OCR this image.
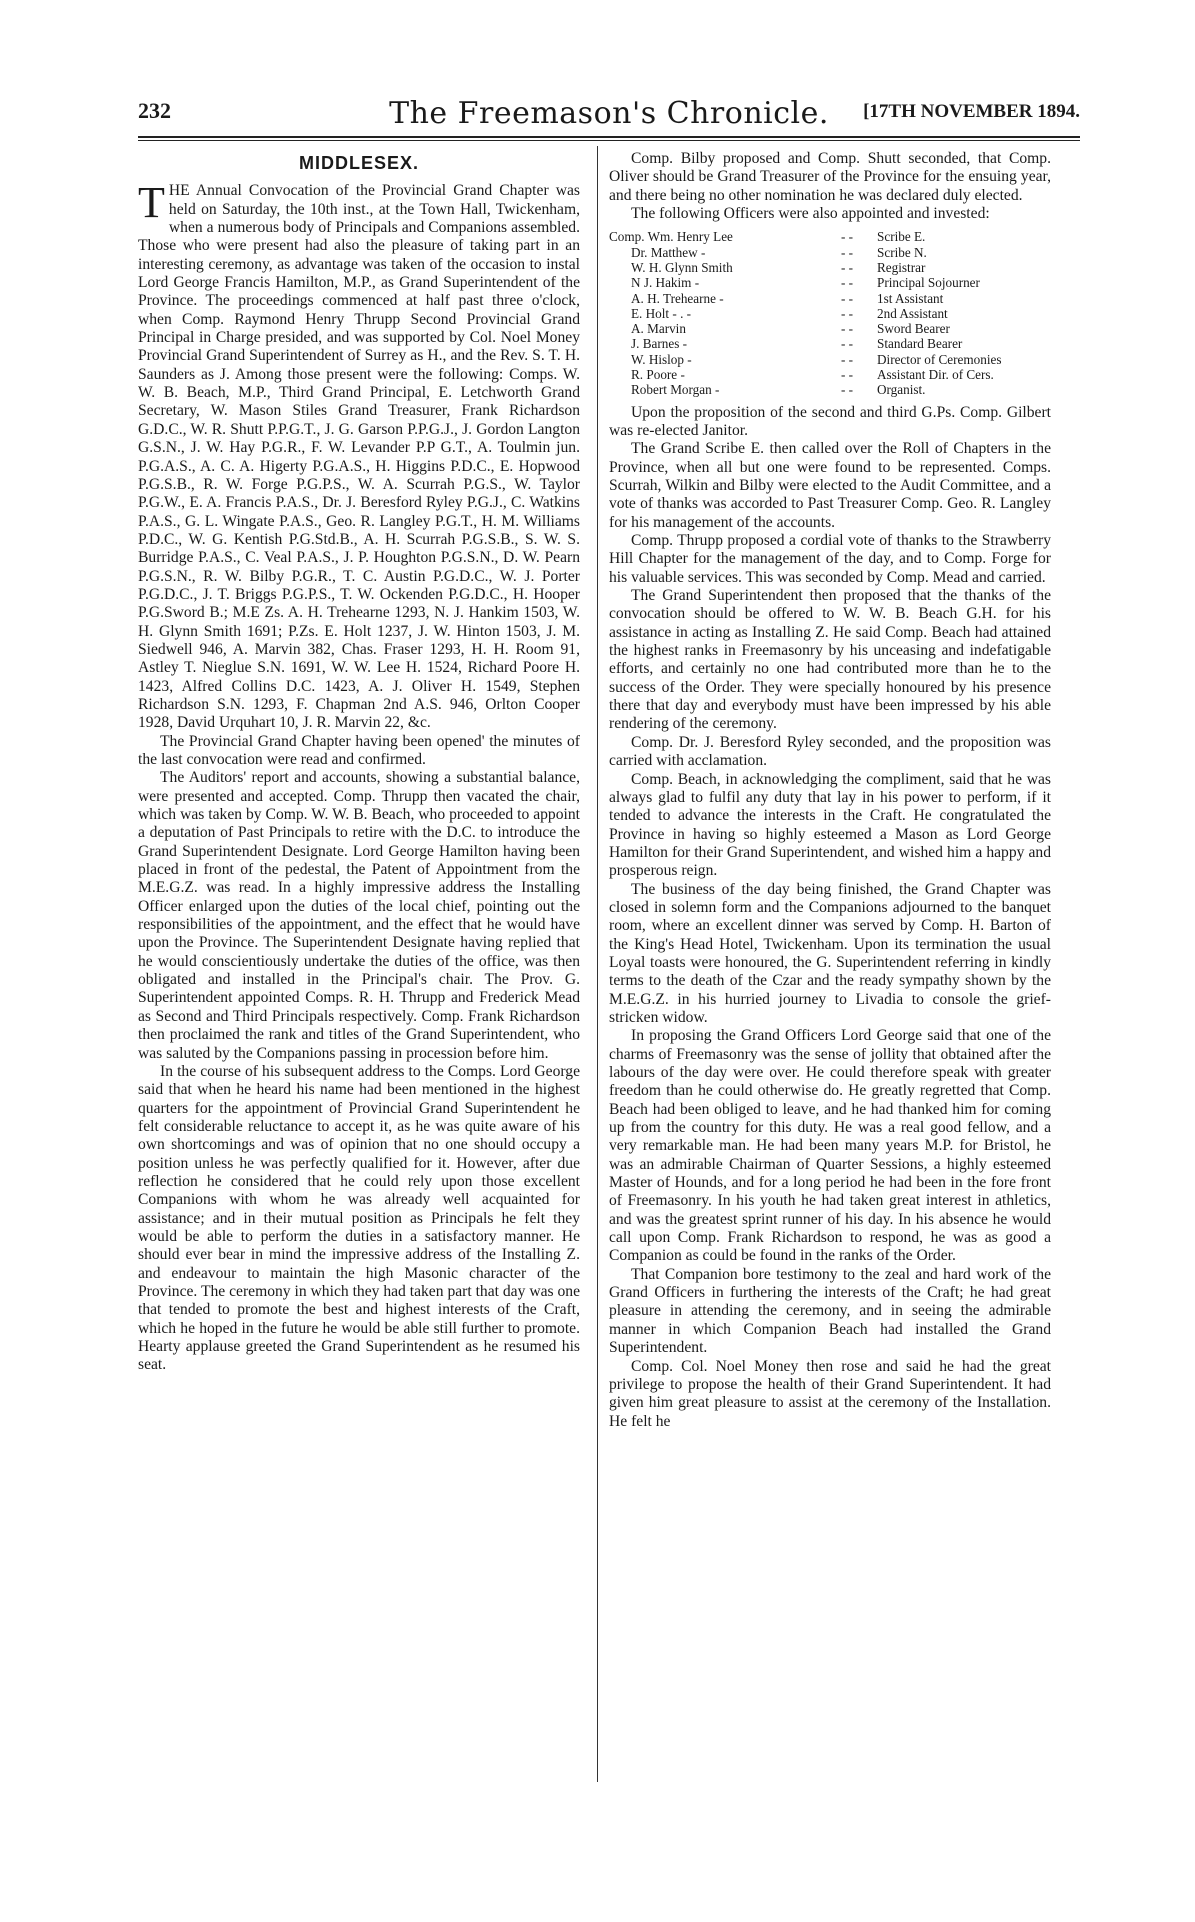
232	The Freemason's Chronicle.	[17TH NOVEMBER 1894.
MIDDLESEX.

THE Annual Convocation of the Provincial Grand Chapter was held on Saturday, the 10th inst., at the Town Hall, Twickenham, when a numerous body of Principals and Companions assembled. Those who were present had also the pleasure of taking part in an interesting ceremony, as advantage was taken of the occasion to instal Lord George Francis Hamilton, M.P., as Grand Superintendent of the Province. The proceedings commenced at half past three o'clock, when Comp. Raymond Henry Thrupp Second Provincial Grand Principal in Charge presided, and was supported by Col. Noel Money Provincial Grand Superintendent of Surrey as H., and the Rev. S. T. H. Saunders as J. Among those present were the following: Comps. W. W. B. Beach, M.P., Third Grand Principal, E. Letchworth Grand Secretary, W. Mason Stiles Grand Treasurer, Frank Richardson G.D.C., W. R. Shutt P.P.G.T., J. G. Garson P.P.G.J., J. Gordon Langton G.S.N., J. W. Hay P.G.R., F. W. Levander P.P G.T., A. Toulmin jun. P.G.A.S., A. C. A. Higerty P.G.A.S., H. Higgins P.D.C., E. Hopwood P.G.S.B., R. W. Forge P.G.P.S., W. A. Scurrah P.G.S., W. Taylor P.G.W., E. A. Francis P.A.S., Dr. J. Beresford Ryley P.G.J., C. Watkins P.A.S., G. L. Wingate P.A.S., Geo. R. Langley P.G.T., H. M. Williams P.D.C., W. G. Kentish P.G.Std.B., A. H. Scurrah P.G.S.B., S. W. S. Burridge P.A.S., C. Veal P.A.S., J. P. Houghton P.G.S.N., D. W. Pearn P.G.S.N., R. W. Bilby P.G.R., T. C. Austin P.G.D.C., W. J. Porter P.G.D.C., J. T. Briggs P.G.P.S., T. W. Ockenden P.G.D.C., H. Hooper P.G.Sword B.; M.E Zs. A. H. Trehearne 1293, N. J. Hankim 1503, W. H. Glynn Smith 1691; P.Zs. E. Holt 1237, J. W. Hinton 1503, J. M. Siedwell 946, A. Marvin 382, Chas. Fraser 1293, H. H. Room 91, Astley T. Nieglue S.N. 1691, W. W. Lee H. 1524, Richard Poore H. 1423, Alfred Collins D.C. 1423, A. J. Oliver H. 1549, Stephen Richardson S.N. 1293, F. Chapman 2nd A.S. 946, Orlton Cooper 1928, David Urquhart 10, J. R. Marvin 22, &c.

The Provincial Grand Chapter having been opened' the minutes of the last convocation were read and confirmed.

The Auditors' report and accounts, showing a substantial balance, were presented and accepted. Comp. Thrupp then vacated the chair, which was taken by Comp. W. W. B. Beach, who proceeded to appoint a deputation of Past Principals to retire with the D.C. to introduce the Grand Superintendent Designate. Lord George Hamilton having been placed in front of the pedestal, the Patent of Appointment from the M.E.G.Z. was read. In a highly impressive address the Installing Officer enlarged upon the duties of the local chief, pointing out the responsibilities of the appointment, and the effect that he would have upon the Province. The Superintendent Designate having replied that he would conscientiously undertake the duties of the office, was then obligated and installed in the Principal's chair. The Prov. G. Superintendent appointed Comps. R. H. Thrupp and Frederick Mead as Second and Third Principals respectively. Comp. Frank Richardson then proclaimed the rank and titles of the Grand Superintendent, who was saluted by the Companions passing in procession before him.

In the course of his subsequent address to the Comps. Lord George said that when he heard his name had been mentioned in the highest quarters for the appointment of Provincial Grand Superintendent he felt considerable reluctance to accept it, as he was quite aware of his own shortcomings and was of opinion that no one should occupy a position unless he was perfectly qualified for it. However, after due reflection he considered that he could rely upon those excellent Companions with whom he was already well acquainted for assistance; and in their mutual position as Principals he felt they would be able to perform the duties in a satisfactory manner. He should ever bear in mind the impressive address of the Installing Z. and endeavour to maintain the high Masonic character of the Province. The ceremony in which they had taken part that day was one that tended to promote the best and highest interests of the Craft, which he hoped in the future he would be able still further to promote. Hearty applause greeted the Grand Superintendent as he resumed his seat.

Comp. Bilby proposed and Comp. Shutt seconded, that Comp. Oliver should be Grand Treasurer of the Province for the ensuing year, and there being no other nomination he was declared duly elected.

The following Officers were also appointed and invested:

Comp. Wm. Henry Lee	- -	Scribe E.
Dr. Matthew -	- -	Scribe N.
W. H. Glynn Smith	- -	Registrar
N J. Hakim -	- -	Principal Sojourner
A. H. Trehearne -	- -	1st Assistant
E. Holt - . -	- -	2nd Assistant
A. Marvin	- -	Sword Bearer
J. Barnes -	- -	Standard Bearer
W. Hislop -	- -	Director of Ceremonies
R. Poore -	- -	Assistant Dir. of Cers.
Robert Morgan -	- -	Organist.

Upon the proposition of the second and third G.Ps. Comp. Gilbert was re-elected Janitor.

The Grand Scribe E. then called over the Roll of Chapters in the Province, when all but one were found to be represented. Comps. Scurrah, Wilkin and Bilby were elected to the Audit Committee, and a vote of thanks was accorded to Past Treasurer Comp. Geo. R. Langley for his management of the accounts.

Comp. Thrupp proposed a cordial vote of thanks to the Strawberry Hill Chapter for the management of the day, and to Comp. Forge for his valuable services. This was seconded by Comp. Mead and carried.

The Grand Superintendent then proposed that the thanks of the convocation should be offered to W. W. B. Beach G.H. for his assistance in acting as Installing Z. He said Comp. Beach had attained the highest ranks in Freemasonry by his unceasing and indefatigable efforts, and certainly no one had contributed more than he to the success of the Order. They were specially honoured by his presence there that day and everybody must have been impressed by his able rendering of the ceremony.

Comp. Dr. J. Beresford Ryley seconded, and the proposition was carried with acclamation.

Comp. Beach, in acknowledging the compliment, said that he was always glad to fulfil any duty that lay in his power to perform, if it tended to advance the interests in the Craft. He congratulated the Province in having so highly esteemed a Mason as Lord George Hamilton for their Grand Superintendent, and wished him a happy and prosperous reign.

The business of the day being finished, the Grand Chapter was closed in solemn form and the Companions adjourned to the banquet room, where an excellent dinner was served by Comp. H. Barton of the King's Head Hotel, Twickenham. Upon its termination the usual Loyal toasts were honoured, the G. Superintendent referring in kindly terms to the death of the Czar and the ready sympathy shown by the M.E.G.Z. in his hurried journey to Livadia to console the grief-stricken widow.

In proposing the Grand Officers Lord George said that one of the charms of Freemasonry was the sense of jollity that obtained after the labours of the day were over. He could therefore speak with greater freedom than he could otherwise do. He greatly regretted that Comp. Beach had been obliged to leave, and he had thanked him for coming up from the country for this duty. He was a real good fellow, and a very remarkable man. He had been many years M.P. for Bristol, he was an admirable Chairman of Quarter Sessions, a highly esteemed Master of Hounds, and for a long period he had been in the fore front of Freemasonry. In his youth he had taken great interest in athletics, and was the greatest sprint runner of his day. In his absence he would call upon Comp. Frank Richardson to respond, he was as good a Companion as could be found in the ranks of the Order.

That Companion bore testimony to the zeal and hard work of the Grand Officers in furthering the interests of the Craft; he had great pleasure in attending the ceremony, and in seeing the admirable manner in which Companion Beach had installed the Grand Superintendent.

Comp. Col. Noel Money then rose and said he had the great privilege to propose the health of their Grand Superintendent. It had given him great pleasure to assist at the ceremony of the Installation. He felt he
